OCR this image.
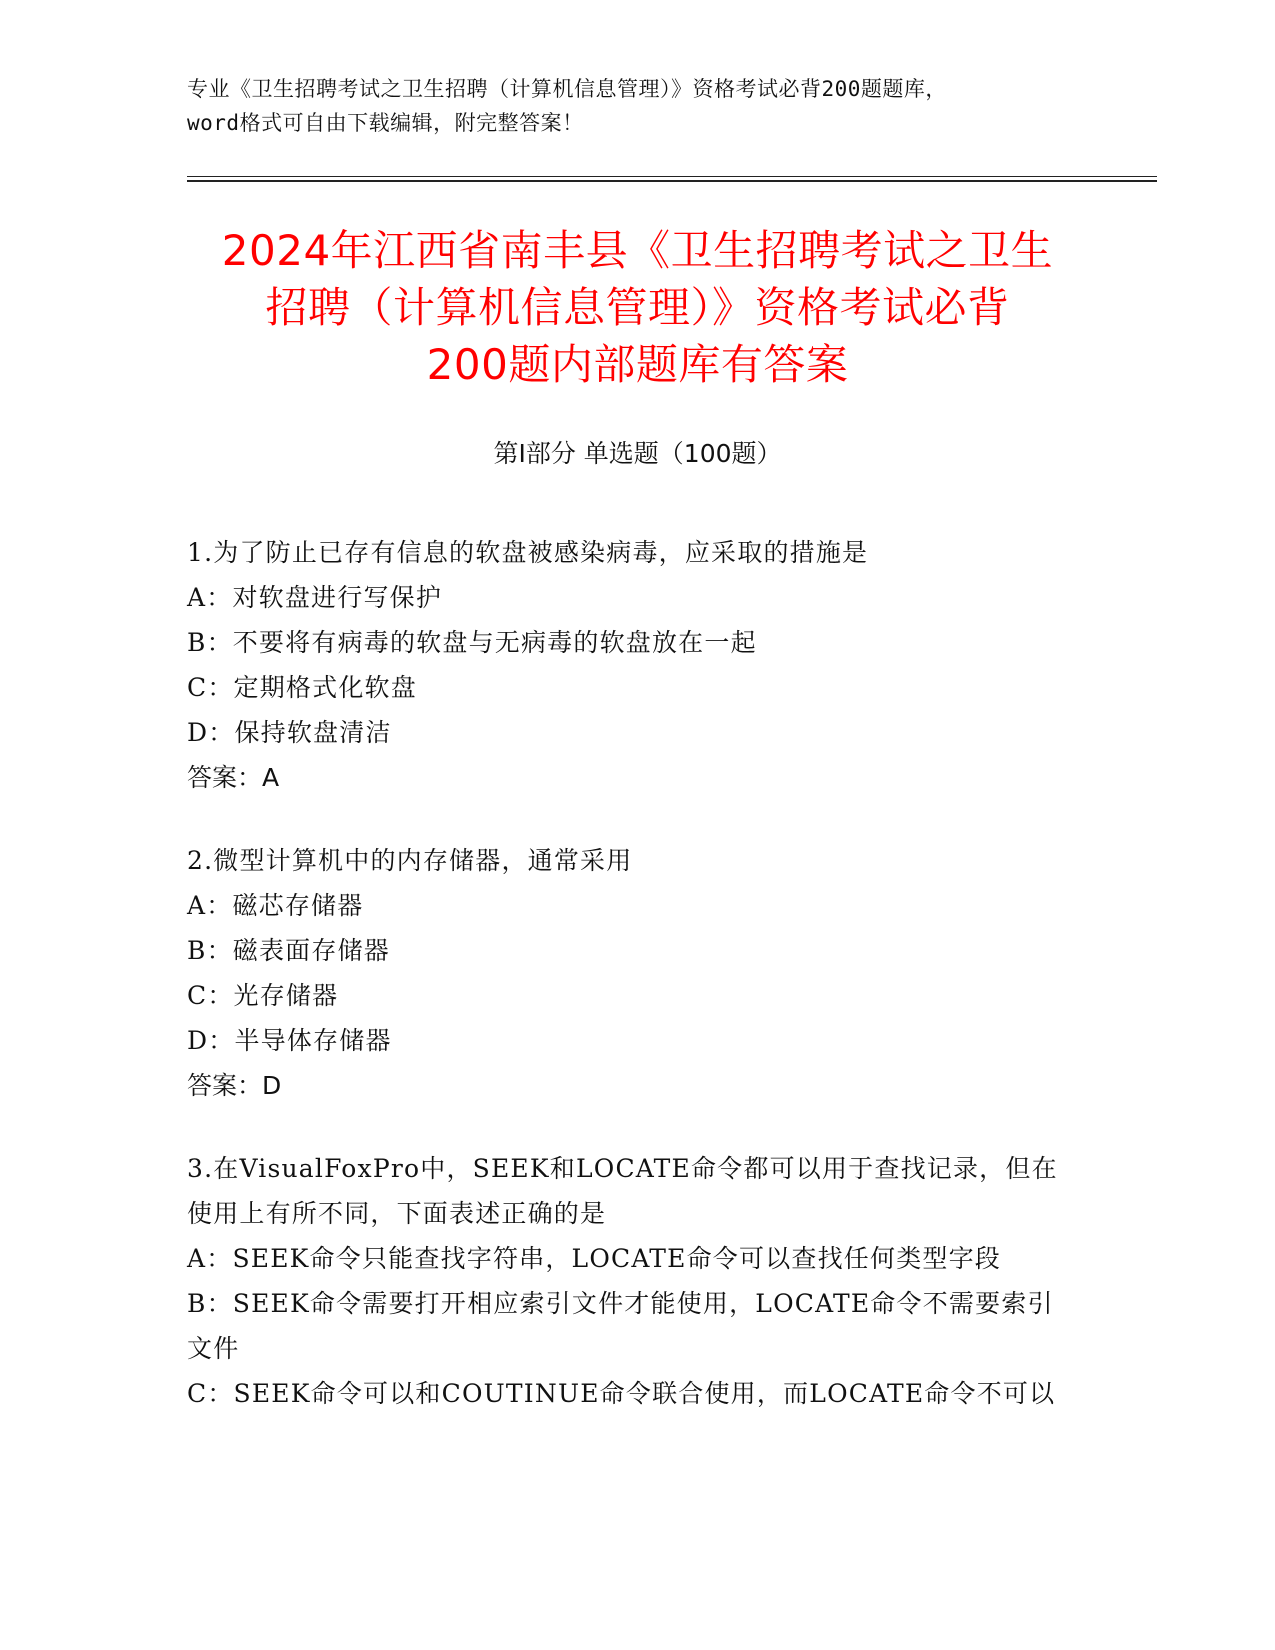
专业《卫生招聘考试之卫生招聘（计算机信息管理）》资格考试必背200题题库，
word格式可自由下载编辑，附完整答案！
2024年江西省南丰县《卫生招聘考试之卫生
招聘（计算机信息管理）》资格考试必背
200题内部题库有答案
第Ⅰ部分 单选题（100题）
1.为了防止已存有信息的软盘被感染病毒，应采取的措施是
A：对软盘进行写保护
B：不要将有病毒的软盘与无病毒的软盘放在一起
C：定期格式化软盘
D：保持软盘清洁
答案：A
2.微型计算机中的内存储器，通常采用
A：磁芯存储器
B：磁表面存储器
C：光存储器
D：半导体存储器
答案：D
3.在VisualFoxPro中，SEEK和LOCATE命令都可以用于查找记录，但在使用上有所不同，下面表述正确的是
A：SEEK命令只能查找字符串，LOCATE命令可以查找任何类型字段
B：SEEK命令需要打开相应索引文件才能使用，LOCATE命令不需要索引文件
C：SEEK命令可以和COUTINUE命令联合使用，而LOCATE命令不可以
